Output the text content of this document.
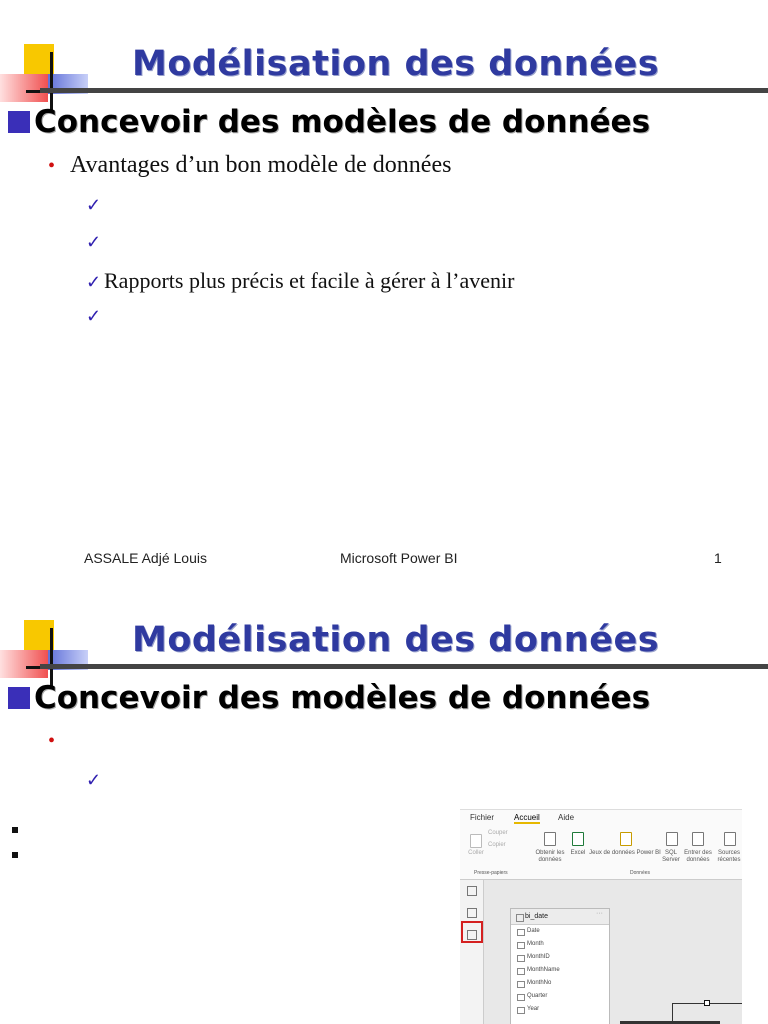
Modélisation des données
Concevoir des modèles de données
• Avantages d’un bon modèle de données
✓
✓
✓ Rapports plus précis et facile à gérer à l’avenir
✓
ASSALE Adjé Louis	Microsoft Power BI	1
Modélisation des données
Concevoir des modèles de données
•
✓
Fichier Accueil Aide
Coller
Couper
Copier
Presse-papiers
Obtenir les données
Excel Jeux de données Power BI SQL Server
Entrer des données
Sources récentes
Données
bi_date	···
Date
Month
MonthID
MonthName
MonthNo
Quarter
Year
